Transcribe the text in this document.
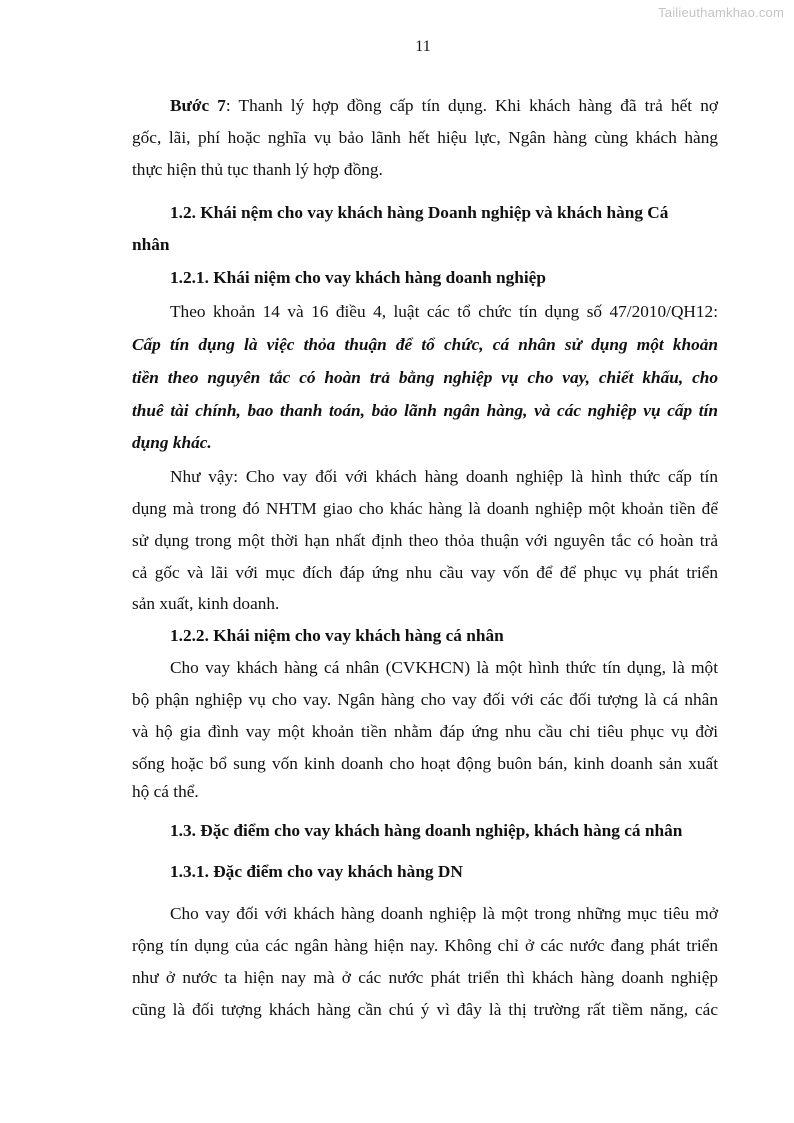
Tailieuthamkhao.com
11
Bước 7: Thanh lý hợp đồng cấp tín dụng. Khi khách hàng đã trả hết nợ
gốc, lãi, phí hoặc nghĩa vụ bảo lãnh hết hiệu lực, Ngân hàng cùng khách hàng
thực hiện thủ tục thanh lý hợp đồng.
1.2. Khái nệm cho vay khách hàng Doanh nghiệp và khách hàng Cá
nhân
1.2.1. Khái niệm cho vay khách hàng doanh nghiệp
Theo khoản 14 và 16 điều 4, luật các tổ chức tín dụng số 47/2010/QH12:
Cấp tín dụng là việc thỏa thuận để tổ chức, cá nhân sử dụng một khoản
tiền theo nguyên tắc có hoàn trả bằng nghiệp vụ cho vay, chiết khấu, cho
thuê tài chính, bao thanh toán, bảo lãnh ngân hàng, và các nghiệp vụ cấp tín
dụng khác.
Như vậy: Cho vay đối với khách hàng doanh nghiệp là hình thức cấp tín
dụng mà trong đó NHTM giao cho khác hàng là doanh nghiệp một khoản tiền để
sử dụng trong một thời hạn nhất định theo thỏa thuận với nguyên tắc có hoàn trả
cả gốc và lãi với mục đích đáp ứng nhu cầu vay vốn để để phục vụ phát triển
sản xuất, kinh doanh.
1.2.2. Khái niệm cho vay khách hàng cá nhân
Cho vay khách hàng cá nhân (CVKHCN) là một hình thức tín dụng, là một
bộ phận nghiệp vụ cho vay. Ngân hàng cho vay đối với các đối tượng là cá nhân
và hộ gia đình vay một khoản tiền nhằm đáp ứng nhu cầu chi tiêu phục vụ đời
sống hoặc bổ sung vốn kinh doanh cho hoạt động buôn bán, kinh doanh sản xuất
hộ cá thể.
1.3. Đặc điểm cho vay khách hàng doanh nghiệp, khách hàng cá nhân
1.3.1. Đặc điểm cho vay khách hàng DN
Cho vay đối với khách hàng doanh nghiệp là một trong những mục tiêu mở
rộng tín dụng của các ngân hàng hiện nay. Không chỉ ở các nước đang phát triển
như ở nước ta hiện nay mà ở các nước phát triển thì khách hàng doanh nghiệp
cũng là đối tượng khách hàng cần chú ý vì đây là thị trường rất tiềm năng, các
